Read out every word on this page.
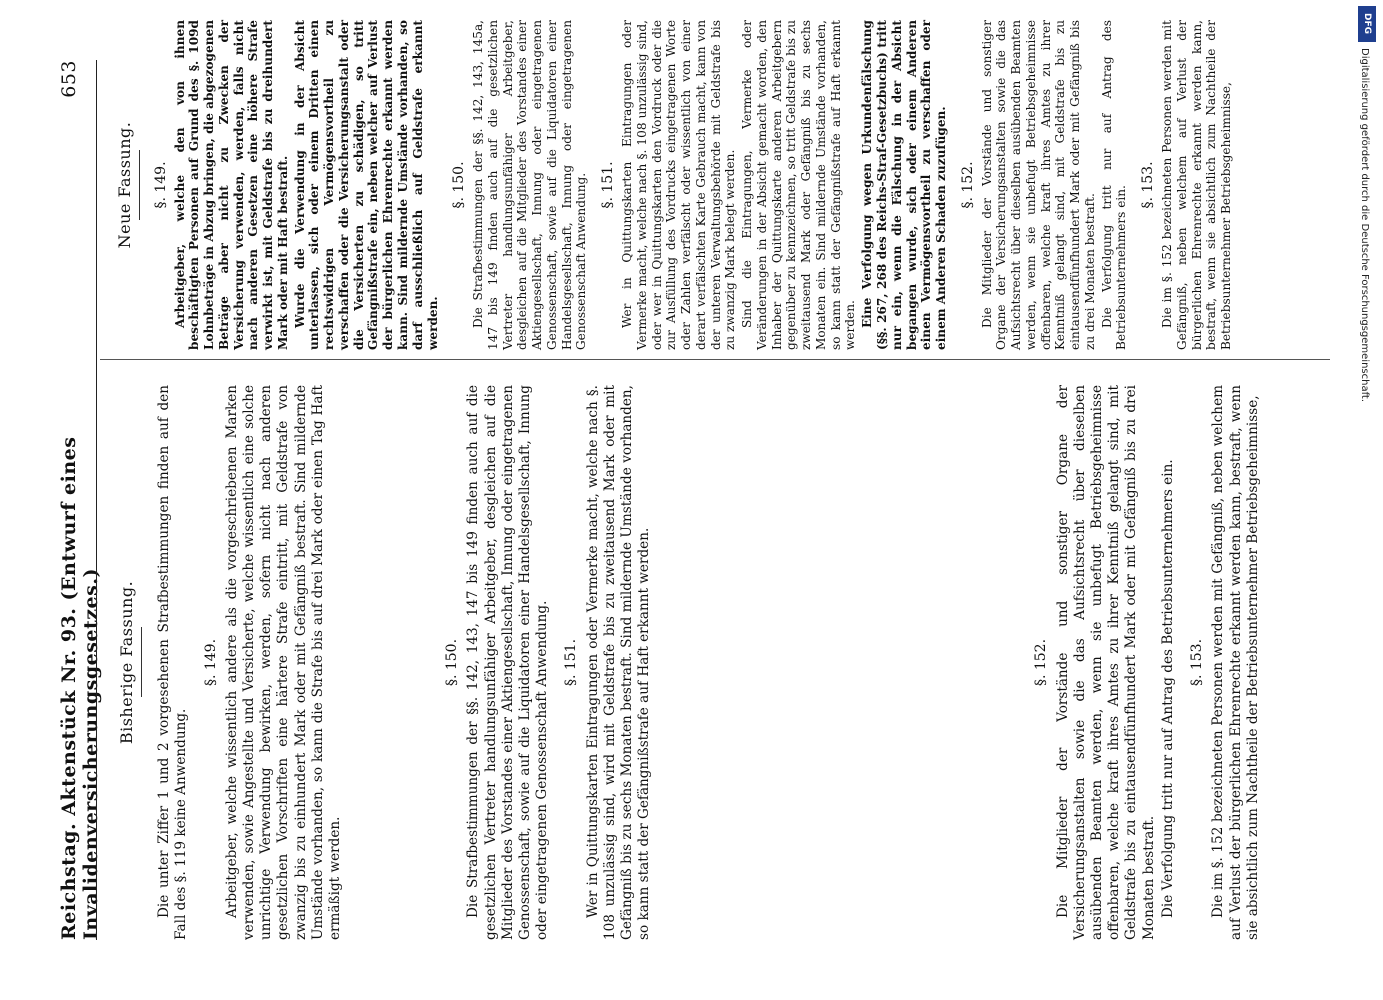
Reichstag. Aktenstück Nr. 93. (Entwurf eines Invalidenversicherungsgesetzes.)
653
Bisherige Fassung. Die unter Ziffer 1 und 2 vorgesehenen Strafbestimmungen finden auf den Fall des §. 119 keine Anwendung.

§. 149. Arbeitgeber, welche wissentlich andere als die vorgeschriebenen Marken verwenden, sowie Angestellte und Versicherte, welche wissentlich eine solche unrichtige Verwendung bewirken, werden, sofern nicht nach anderen gesetzlichen Vorschriften eine härtere Strafe eintritt, mit Geldstrafe von zwanzig bis zu einhundert Mark oder mit Gefängniß bestraft. Sind mildernde Umstände vorhanden, so kann die Strafe bis auf drei Mark oder einen Tag Haft ermäßigt werden.

§. 150. Die Strafbestimmungen der §§. 142, 143, 147 bis 149 finden auch auf die gesetzlichen Vertreter handlungsunfähiger Arbeitgeber, desgleichen auf die Mitglieder des Vorstandes einer Aktiengesellschaft, Innung oder eingetragenen Genossenschaft, sowie auf die Liquidatoren einer Handelsgesellschaft, Innung oder eingetragenen Genossenschaft Anwendung. §. 151. Wer in Quittungskarten Eintragungen oder Vermerke macht, welche nach §. 108 unzulässig sind, wird mit Geldstrafe bis zu zweitausend Mark oder mit Gefängniß bis zu sechs Monaten bestraft. Sind mildernde Umstände vorhanden, so kann statt der Gefängnißstrafe auf Haft erkannt werden.	§. 152. Die Mitglieder der Vorstände und sonstiger Organe der Versicherungsanstalten sowie die das Aufsichtsrecht über dieselben ausübenden Beamten werden, wenn sie unbefugt Betriebsgeheimnisse offenbaren, welche kraft ihres Amtes zu ihrer Kenntniß gelangt sind, mit Geldstrafe bis zu eintausendfünfhundert Mark oder mit Gefängniß bis zu drei Monaten bestraft. Die Verfolgung tritt nur auf Antrag des Betriebsunternehmers ein. §. 153. Die im §. 152 bezeichneten Personen werden mit Gefängniß, neben welchem auf Verlust der bürgerlichen Ehrenrechte erkannt werden kann, bestraft, wenn sie absichtlich zum Nachtheile der Betriebsunternehmer Betriebsgeheimnisse,

Neue Fassung. §. 149. Arbeitgeber, welche den von ihnen beschäftigten Personen auf Grund des §. 109d Lohnbeträge in Abzug bringen, die abgezogenen Beträge aber nicht zu Zwecken der Versicherung verwenden, werden, falls nicht nach anderen Gesetzen eine höhere Strafe verwirkt ist, mit Geldstrafe bis zu dreihundert Mark oder mit Haft bestraft. Wurde die Verwendung in der Absicht unterlassen, sich oder einem Dritten einen rechtswidrigen Vermögensvortheil zu verschaffen oder die Versicherungsanstalt oder die Versicherten zu schädigen, so tritt Gefängnißstrafe ein, neben welcher auf Verlust der bürgerlichen Ehrenrechte erkannt werden kann. Sind mildernde Umstände vorhanden, so darf ausschließlich auf Geldstrafe erkannt werden.

§. 150. Die Strafbestimmungen der §§. 142, 143, 145a, 147 bis 149 finden auch auf die gesetzlichen Vertreter handlungsunfähiger Arbeitgeber, desgleichen auf die Mitglieder des Vorstandes einer Aktiengesellschaft, Innung oder eingetragenen Genossenschaft, sowie auf die Liquidatoren einer Handelsgesellschaft, Innung oder eingetragenen Genossenschaft Anwendung. §. 151. Wer in Quittungskarten Eintragungen oder Vermerke macht, welche nach §. 108 unzulässig sind, oder wer in Quittungskarten den Vordruck oder die zur Ausfüllung des Vordrucks eingetragenen Worte oder Zahlen verfälscht oder wissentlich von einer derart verfälschten Karte Gebrauch macht, kann von der unteren Verwaltungsbehörde mit Geldstrafe bis zu zwanzig Mark belegt werden. Sind die Eintragungen, Vermerke oder Veränderungen in der Absicht gemacht worden, den Inhaber der Quittungskarte anderen Arbeitgebern gegenüber zu kennzeichnen, so tritt Geldstrafe bis zu zweitausend Mark oder Gefängniß bis zu sechs Monaten ein. Sind mildernde Umstände vorhanden, so kann statt der Gefängnißstrafe auf Haft erkannt werden. Eine Verfolgung wegen Urkundenfälschung (§§. 267, 268 des Reichs-Straf-Gesetzbuchs) tritt nur ein, wenn die Fälschung in der Absicht begangen wurde, sich oder einem Anderen einen Vermögensvortheil zu verschaffen oder einem Anderen Schaden zuzufügen. §. 152. Die Mitglieder der Vorstände und sonstiger Organe der Versicherungsanstalten sowie die das Aufsichtsrecht über dieselben ausübenden Beamten werden, wenn sie unbefugt Betriebsgeheimnisse offenbaren, welche kraft ihres Amtes zu ihrer Kenntniß gelangt sind, mit Geldstrafe bis zu eintausendfünfhundert Mark oder mit Gefängniß bis zu drei Monaten bestraft. Die Verfolgung tritt nur auf Antrag des Betriebsunternehmers ein.

§. 153. Die im §. 152 bezeichneten Personen werden mit Gefängniß, neben welchem auf Verlust der bürgerlichen Ehrenrechte erkannt werden kann, bestraft, wenn sie absichtlich zum Nachtheile der Betriebsunternehmer Betriebsgeheimnisse,

DFG
Digitalisierung gefördert durch die Deutsche Forschungsgemeinschaft.
